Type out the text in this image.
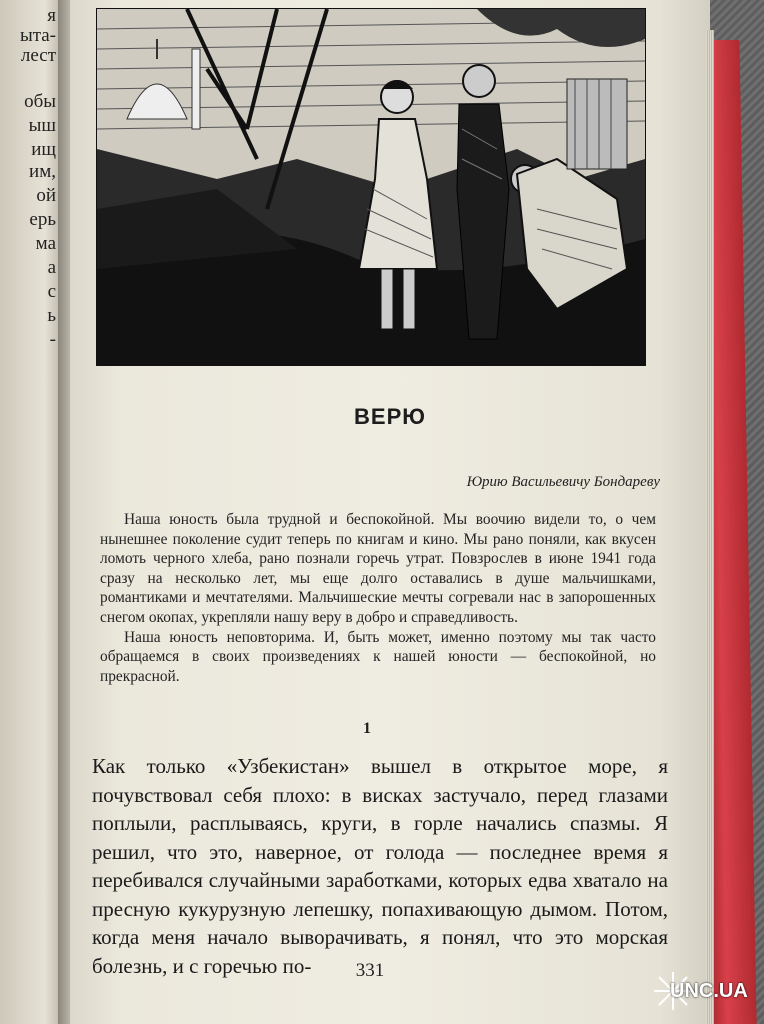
я
ыта-
лест
обы
ыш
ищ
им,
ой
ерь
ма
а
с
ь
-
ВЕРЮ
Юрию Васильевичу Бондареву

Наша юность была трудной и беспокойной. Мы воочию видели то, о чем нынешнее поколение судит теперь по книгам и кино. Мы рано поняли, как вкусен ломоть черного хлеба, рано познали горечь утрат. Повзрослев в июне 1941 года сразу на несколько лет, мы еще долго оставались в душе мальчишками, романтиками и мечтателями. Мальчишеские мечты согревали нас в запорошенных снегом окопах, укрепляли нашу веру в добро и справедливость.

Наша юность неповторима. И, быть может, именно поэтому мы так часто обращаемся в своих произведениях к нашей юности — беспокойной, но прекрасной.

1
Как только «Узбекистан» вышел в открытое море, я почувствовал себя плохо: в висках застучало, перед глазами поплыли, расплываясь, круги, в горле начались спазмы. Я решил, что это, наверное, от голода — последнее время я перебивался случайными заработками, которых едва хватало на пресную кукурузную лепешку, попахивающую дымом. Потом, когда меня начало выворачивать, я понял, что это морская болезнь, и с горечью по-	331
UNC.UA
